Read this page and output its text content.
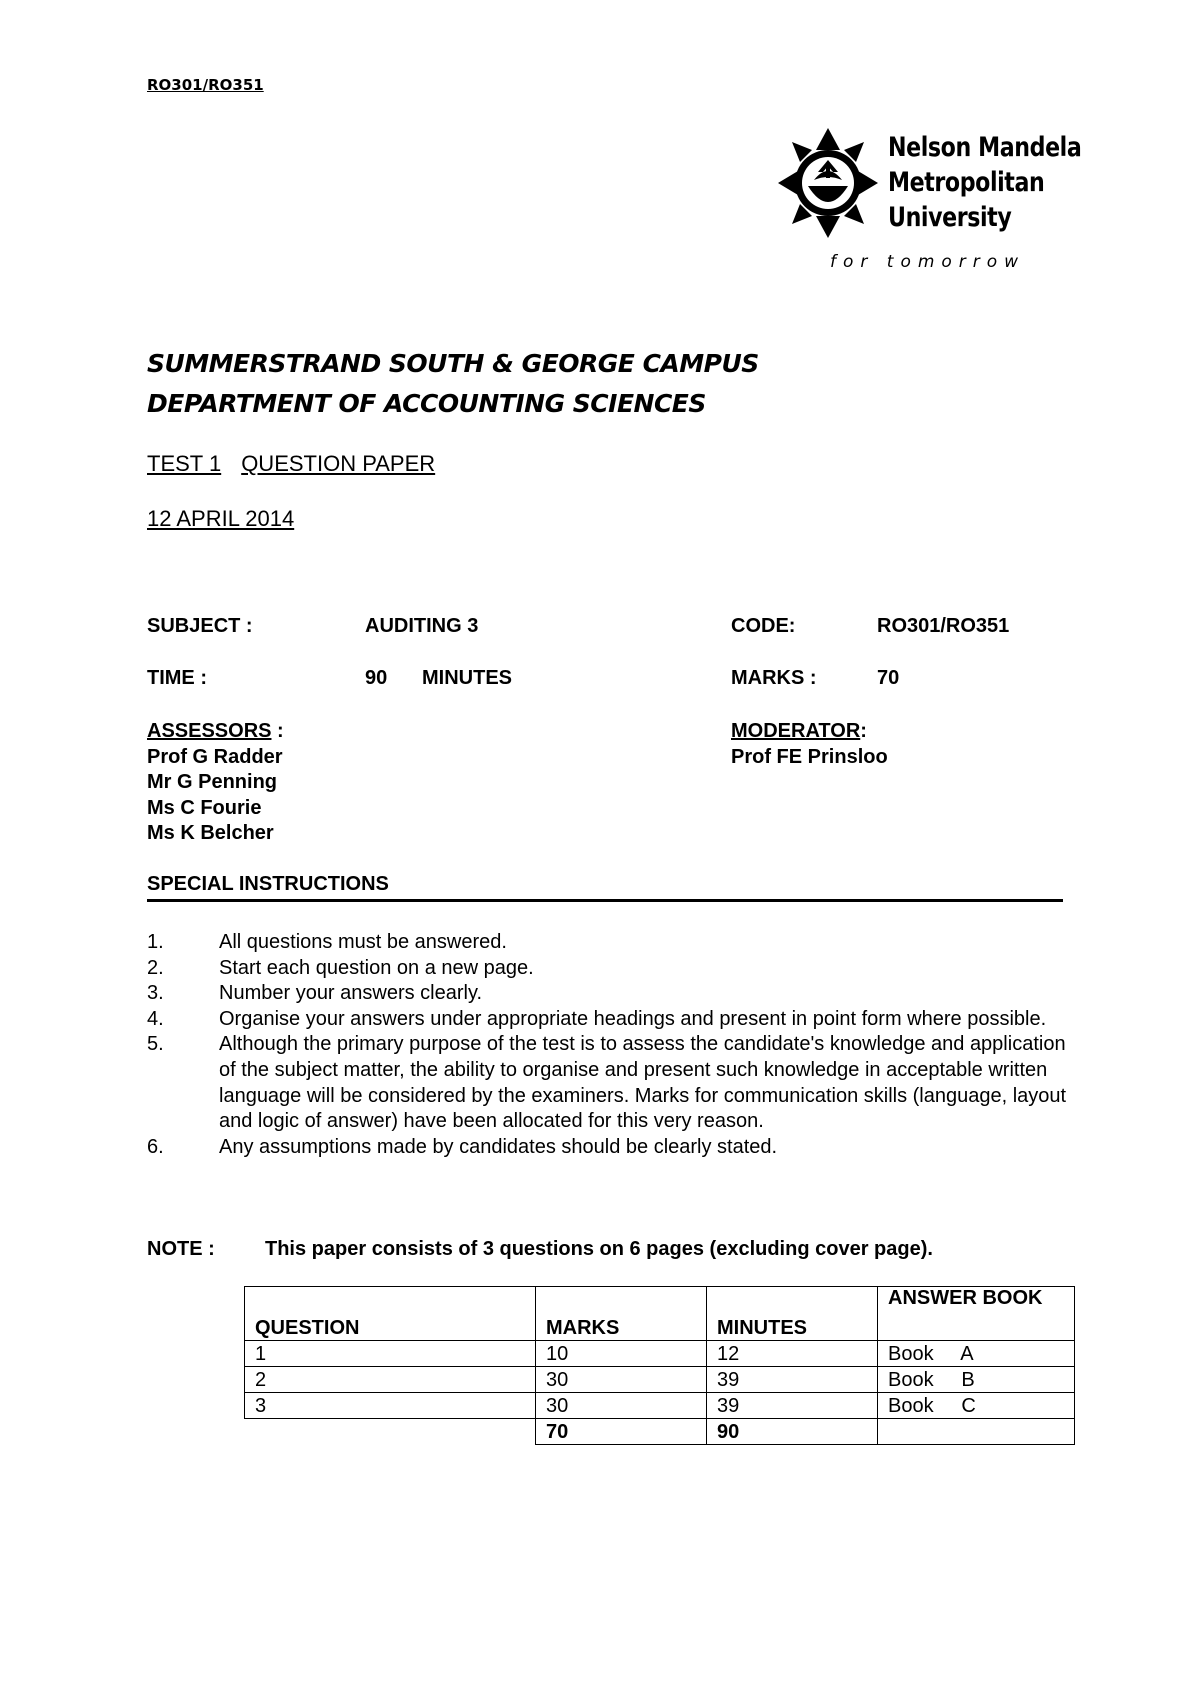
RO301/RO351
Nelson Mandela
Metropolitan
University
for tomorrow
SUMMERSTRAND SOUTH & GEORGE CAMPUS
DEPARTMENT OF ACCOUNTING SCIENCES
TEST 1 QUESTION PAPER
12 APRIL 2014
SUBJECT :	AUDITING 3	CODE:	RO301/RO351
TIME :	90 MINUTES	MARKS :	70
ASSESSORS :
Prof G Radder
Mr G Penning
Ms C Fourie
Ms K Belcher
MODERATOR:
Prof FE Prinsloo
SPECIAL INSTRUCTIONS
1.	All questions must be answered.
2.	Start each question on a new page.
3.	Number your answers clearly.
4.	Organise your answers under appropriate headings and present in point form where possible.
5.	Although the primary purpose of the test is to assess the candidate's knowledge and application of the subject matter, the ability to organise and present such knowledge in acceptable written language will be considered by the examiners. Marks for communication skills (language, layout and logic of answer) have been allocated for this very reason.
6.	Any assumptions made by candidates should be clearly stated.
NOTE :	This paper consists of 3 questions on 6 pages (excluding cover page).
QUESTION	MARKS	MINUTES	ANSWER BOOK
1	10	12	Book     A
2	30	39	Book     B
3	30	39	Book     C
	70	90	
